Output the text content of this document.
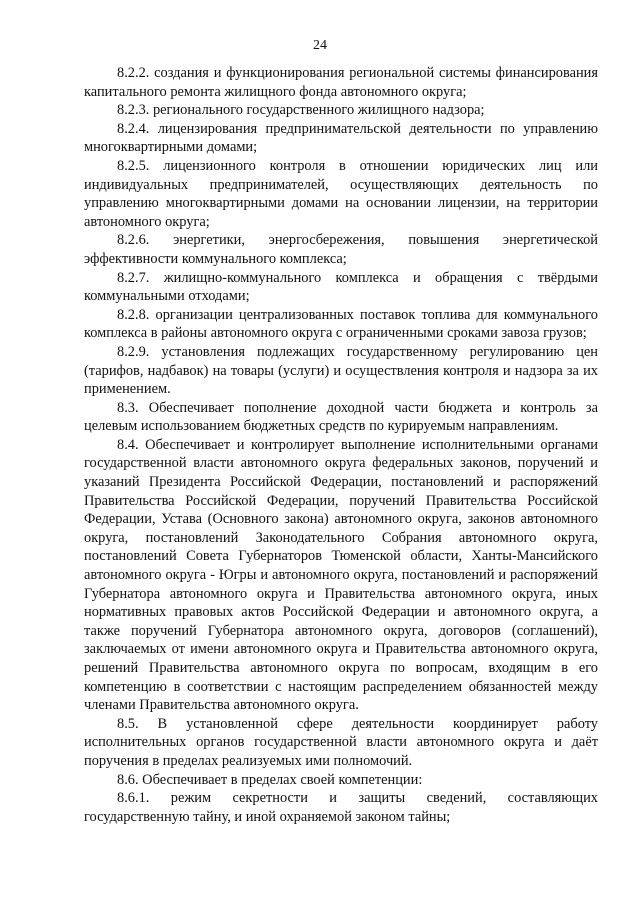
24

8.2.2. создания и функционирования региональной системы финансирования капитального ремонта жилищного фонда автономного округа;

8.2.3. регионального государственного жилищного надзора;

8.2.4. лицензирования предпринимательской деятельности по управлению многоквартирными домами;

8.2.5. лицензионного контроля в отношении юридических лиц или индивидуальных предпринимателей, осуществляющих деятельность по управлению многоквартирными домами на основании лицензии, на территории автономного округа;

8.2.6. энергетики, энергосбережения, повышения энергетической эффективности коммунального комплекса;

8.2.7. жилищно-коммунального комплекса и обращения с твёрдыми коммунальными отходами;

8.2.8. организации централизованных поставок топлива для коммунального комплекса в районы автономного округа с ограниченными сроками завоза грузов;

8.2.9. установления подлежащих государственному регулированию цен (тарифов, надбавок) на товары (услуги) и осуществления контроля и надзора за их применением.

8.3. Обеспечивает пополнение доходной части бюджета и контроль за целевым использованием бюджетных средств по курируемым направлениям.

8.4. Обеспечивает и контролирует выполнение исполнительными органами государственной власти автономного округа федеральных законов, поручений и указаний Президента Российской Федерации, постановлений и распоряжений Правительства Российской Федерации, поручений Правительства Российской Федерации, Устава (Основного закона) автономного округа, законов автономного округа, постановлений Законодательного Собрания автономного округа, постановлений Совета Губернаторов Тюменской области, Ханты-Мансийского автономного округа - Югры и автономного округа, постановлений и распоряжений Губернатора автономного округа и Правительства автономного округа, иных нормативных правовых актов Российской Федерации и автономного округа, а также поручений Губернатора автономного округа, договоров (соглашений), заключаемых от имени автономного округа и Правительства автономного округа, решений Правительства автономного округа по вопросам, входящим в его компетенцию в соответствии с настоящим распределением обязанностей между членами Правительства автономного округа.

8.5. В установленной сфере деятельности координирует работу исполнительных органов государственной власти автономного округа и даёт поручения в пределах реализуемых ими полномочий.

8.6. Обеспечивает в пределах своей компетенции:

8.6.1. режим секретности и защиты сведений, составляющих государственную тайну, и иной охраняемой законом тайны;
